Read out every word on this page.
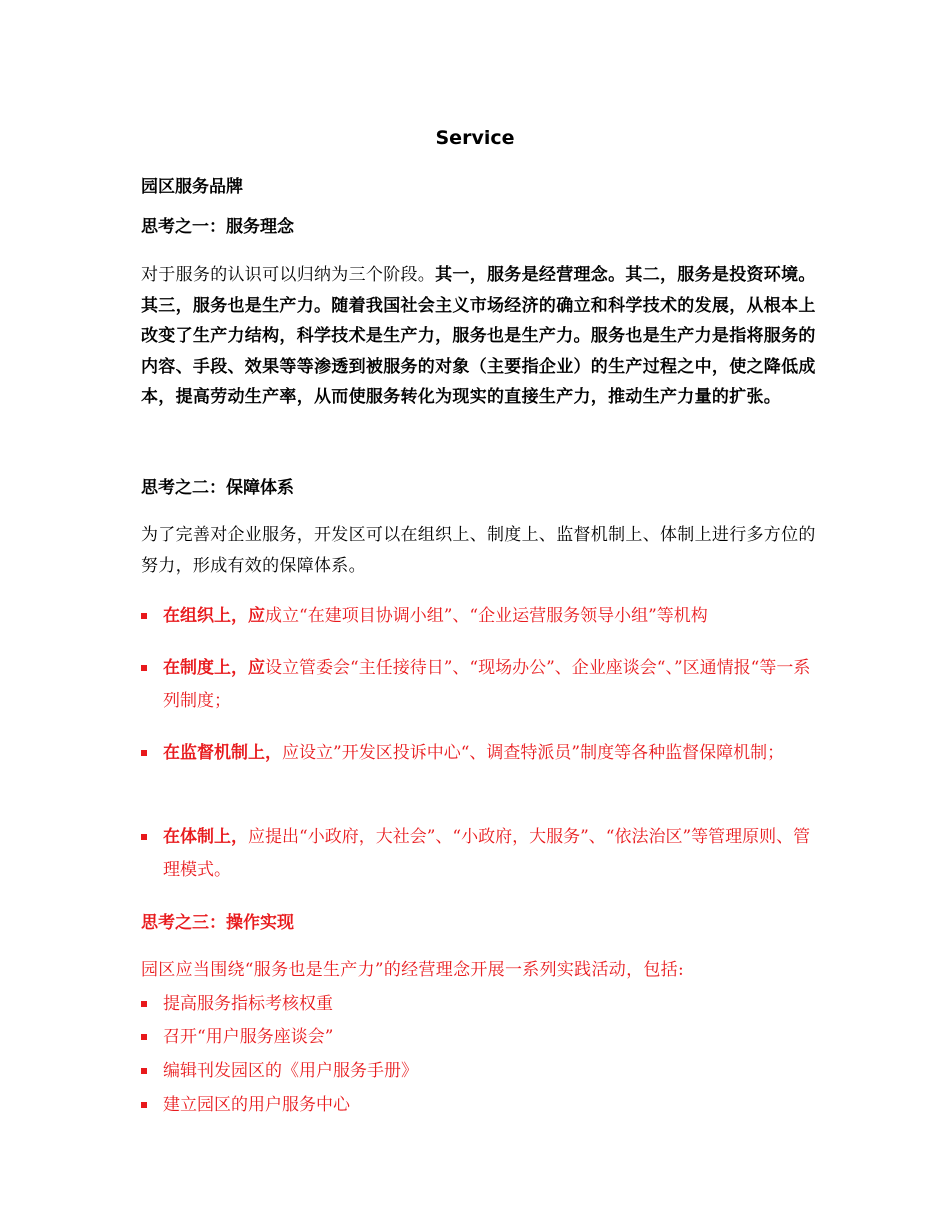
Service
园区服务品牌
思考之一：服务理念
对于服务的认识可以归纳为三个阶段。其一，服务是经营理念。其二，服务是投资环境。其三，服务也是生产力。随着我国社会主义市场经济的确立和科学技术的发展，从根本上改变了生产力结构，科学技术是生产力，服务也是生产力。服务也是生产力是指将服务的内容、手段、效果等等渗透到被服务的对象（主要指企业）的生产过程之中，使之降低成本，提高劳动生产率，从而使服务转化为现实的直接生产力，推动生产力量的扩张。
思考之二：保障体系
为了完善对企业服务，开发区可以在组织上、制度上、监督机制上、体制上进行多方位的努力，形成有效的保障体系。
在组织上，应成立“在建项目协调小组”、“企业运营服务领导小组”等机构
在制度上，应设立管委会“主任接待日”、“现场办公”、企业座谈会“、”区通情报“等一系列制度；
在监督机制上，应设立”开发区投诉中心“、调查特派员”制度等各种监督保障机制；
在体制上，应提出“小政府，大社会”、“小政府，大服务”、“依法治区”等管理原则、管理模式。
思考之三：操作实现
园区应当围绕“服务也是生产力”的经营理念开展一系列实践活动，包括:
提高服务指标考核权重
召开“用户服务座谈会”
编辑刊发园区的《用户服务手册》
建立园区的用户服务中心
